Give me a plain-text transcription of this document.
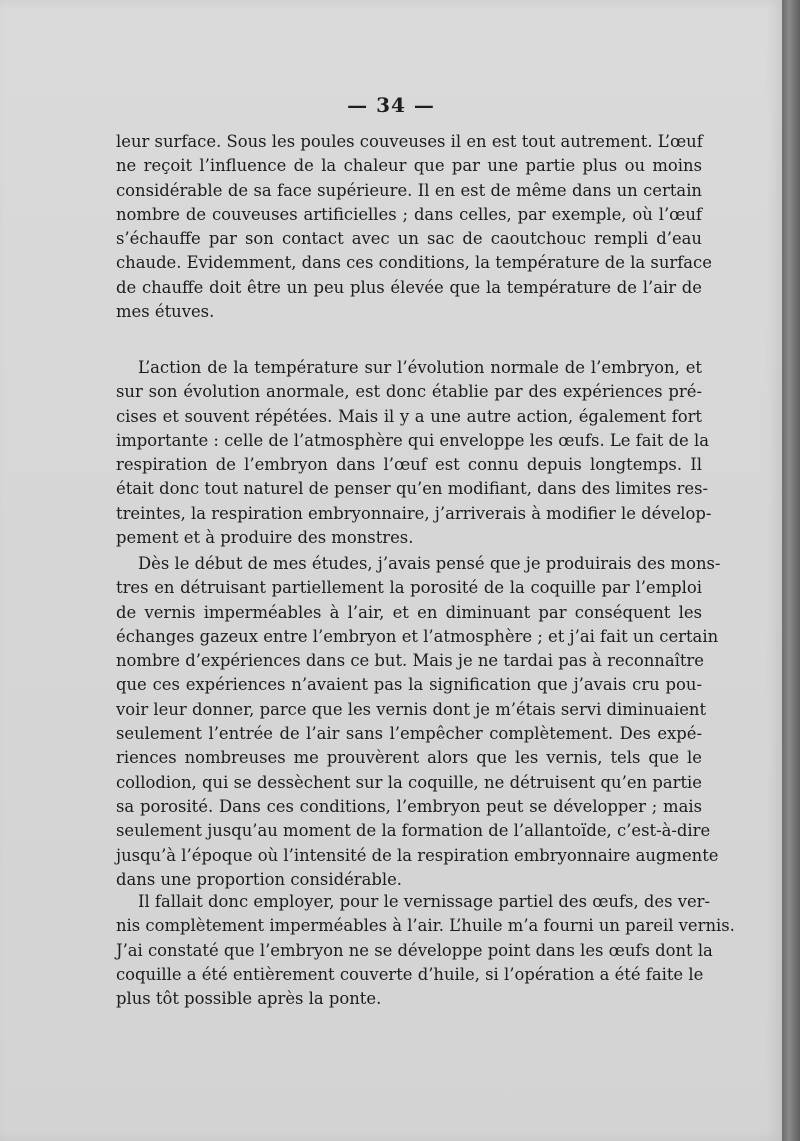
— 34 —
leur surface. Sous les poules couveuses il en est tout autrement. L’œuf
ne reçoit l’influence de la chaleur que par une partie plus ou moins
considérable de sa face supérieure. Il en est de même dans un certain
nombre de couveuses artificielles ; dans celles, par exemple, où l’œuf
s’échauffe par son contact avec un sac de caoutchouc rempli d’eau
chaude. Evidemment, dans ces conditions, la température de la surface
de chauffe doit être un peu plus élevée que la température de l’air de
mes étuves.
L’action de la température sur l’évolution normale de l’embryon, et
sur son évolution anormale, est donc établie par des expériences pré-
cises et souvent répétées. Mais il y a une autre action, également fort
importante : celle de l’atmosphère qui enveloppe les œufs. Le fait de la
respiration de l’embryon dans l’œuf est connu depuis longtemps. Il
était donc tout naturel de penser qu’en modifiant, dans des limites res-
treintes, la respiration embryonnaire, j’arriverais à modifier le dévelop-
pement et à produire des monstres.
Dès le début de mes études, j’avais pensé que je produirais des mons-
tres en détruisant partiellement la porosité de la coquille par l’emploi
de vernis imperméables à l’air, et en diminuant par conséquent les
échanges gazeux entre l’embryon et l’atmosphère ; et j’ai fait un certain
nombre d’expériences dans ce but. Mais je ne tardai pas à reconnaître
que ces expériences n’avaient pas la signification que j’avais cru pou-
voir leur donner, parce que les vernis dont je m’étais servi diminuaient
seulement l’entrée de l’air sans l’empêcher complètement. Des expé-
riences nombreuses me prouvèrent alors que les vernis, tels que le
collodion, qui se dessèchent sur la coquille, ne détruisent qu’en partie
sa porosité. Dans ces conditions, l’embryon peut se développer ; mais
seulement jusqu’au moment de la formation de l’allantoïde, c’est-à-dire
jusqu’à l’époque où l’intensité de la respiration embryonnaire augmente
dans une proportion considérable.
Il fallait donc employer, pour le vernissage partiel des œufs, des ver-
nis complètement imperméables à l’air. L’huile m’a fourni un pareil vernis.
J’ai constaté que l’embryon ne se développe point dans les œufs dont la
coquille a été entièrement couverte d’huile, si l’opération a été faite le
plus tôt possible après la ponte.
